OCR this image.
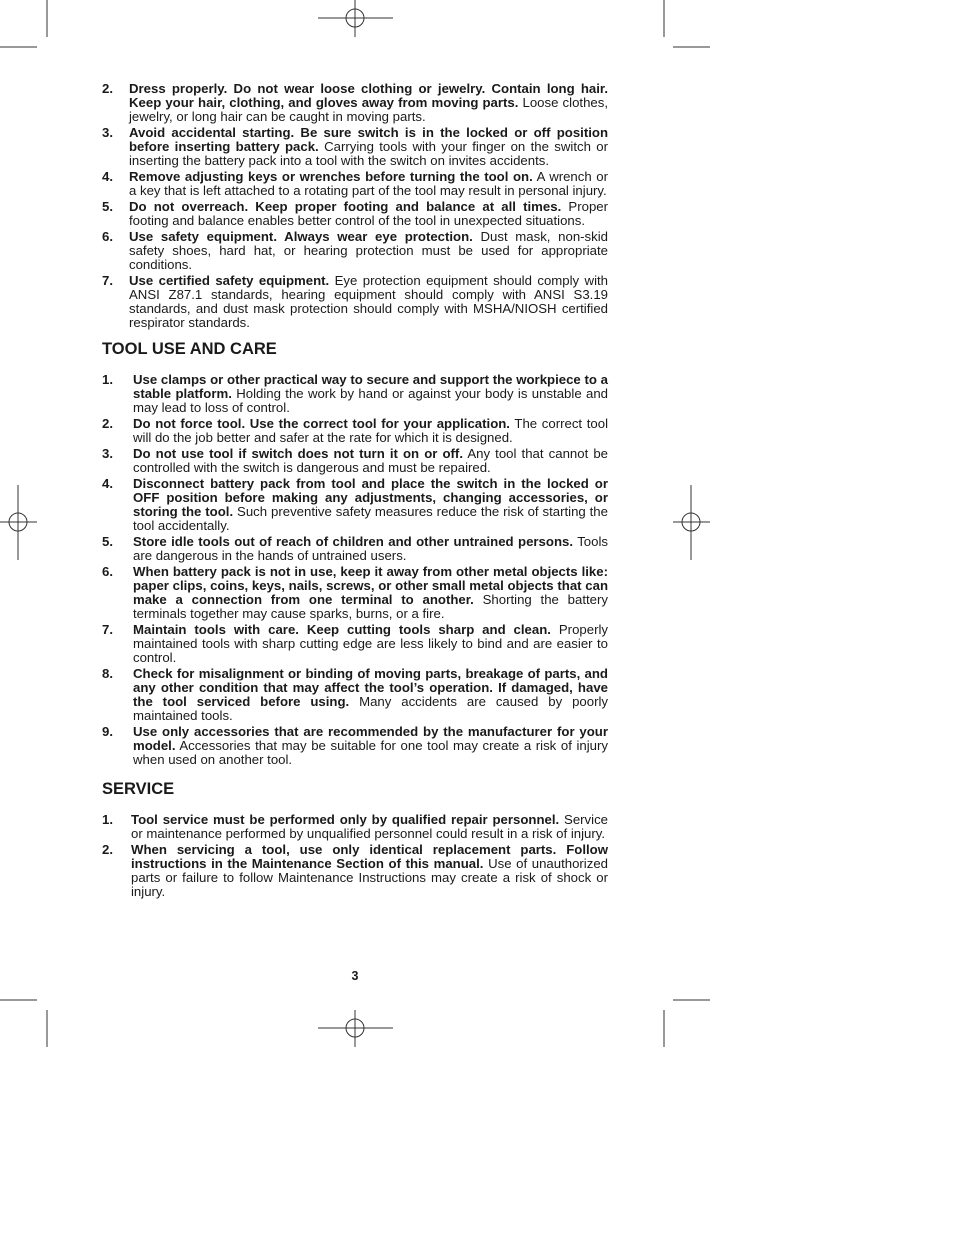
2.	Dress properly. Do not wear loose clothing or jewelry. Contain long hair. Keep your hair, clothing, and gloves away from moving parts. Loose clothes, jewelry, or long hair can be caught in moving parts.
3.	Avoid accidental starting. Be sure switch is in the locked or off position before inserting battery pack. Carrying tools with your finger on the switch or inserting the battery pack into a tool with the switch on invites accidents.
4.	Remove adjusting keys or wrenches before turning the tool on. A wrench or a key that is left attached to a rotating part of the tool may result in personal injury.
5.	Do not overreach. Keep proper footing and balance at all times. Proper footing and balance enables better control of the tool in unexpected situations.
6.	Use safety equipment. Always wear eye protection. Dust mask, non-skid safety shoes, hard hat, or hearing protection must be used for appropriate conditions.
7.	Use certified safety equipment. Eye protection equipment should comply with ANSI Z87.1 standards, hearing equipment should comply with ANSI S3.19 standards, and dust mask protection should comply with MSHA/NIOSH certified respirator standards.
TOOL USE AND CARE
1.	Use clamps or other practical way to secure and support the workpiece to a stable platform. Holding the work by hand or against your body is unstable and may lead to loss of control.
2.	Do not force tool. Use the correct tool for your application. The correct tool will do the job better and safer at the rate for which it is designed.
3.	Do not use tool if switch does not turn it on or off. Any tool that cannot be controlled with the switch is dangerous and must be repaired.
4.	Disconnect battery pack from tool and place the switch in the locked or OFF position before making any adjustments, changing accessories, or storing the tool. Such preventive safety measures reduce the risk of starting the tool accidentally.
5.	Store idle tools out of reach of children and other untrained persons. Tools are dangerous in the hands of untrained users.
6.	When battery pack is not in use, keep it away from other metal objects like: paper clips, coins, keys, nails, screws, or other small metal objects that can make a connection from one terminal to another. Shorting the battery terminals together may cause sparks, burns, or a fire.
7.	Maintain tools with care. Keep cutting tools sharp and clean. Properly maintained tools with sharp cutting edge are less likely to bind and are easier to control.
8.	Check for misalignment or binding of moving parts, breakage of parts, and any other condition that may affect the tool’s operation. If damaged, have the tool serviced before using. Many accidents are caused by poorly maintained tools.
9.	Use only accessories that are recommended by the manufacturer for your model. Accessories that may be suitable for one tool may create a risk of injury when used on another tool.
SERVICE
1.	Tool service must be performed only by qualified repair personnel. Service or maintenance performed by unqualified personnel could result in a risk of injury.
2.	When servicing a tool, use only identical replacement parts. Follow instructions in the Maintenance Section of this manual. Use of unauthorized parts or failure to follow Maintenance Instructions may create a risk of shock or injury.
3
